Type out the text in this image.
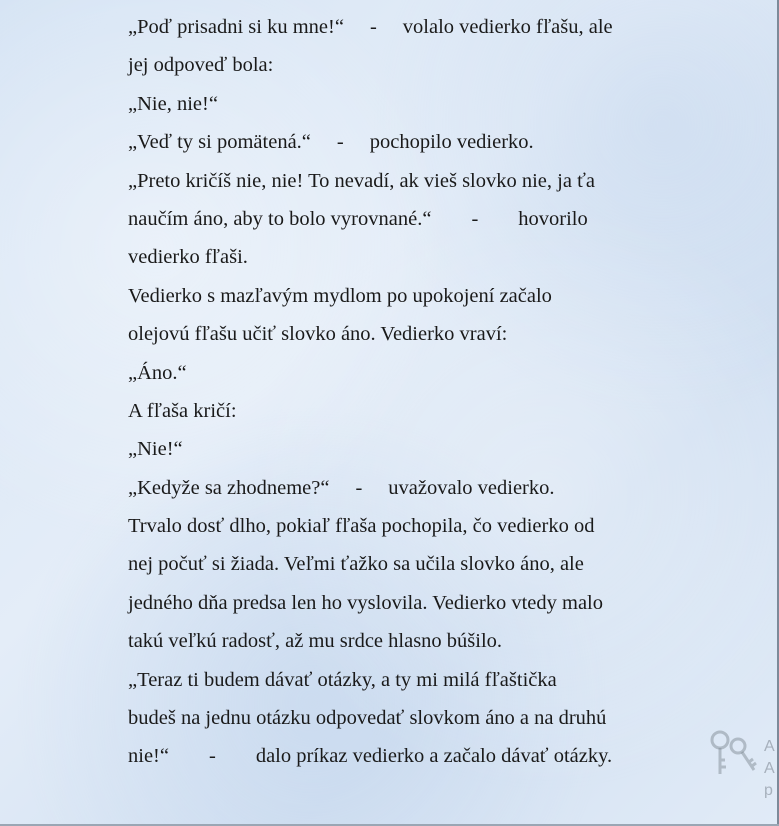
„Poď prisadni si ku mne!“ - volalo vedierko fľašu, ale
jej odpoveď bola:
„Nie, nie!“
„Veď ty si pomätená.“ - pochopilo vedierko.
„Preto kričíš nie, nie! To nevadí, ak vieš slovko nie, ja ťa
naučím áno, aby to bolo vyrovnané.“ - hovorilo
vedierko fľaši.
Vedierko s mazľavým mydlom po upokojení začalo
olejovú fľašu učiť slovko áno. Vedierko vraví:
„Áno.“
A fľaša kričí:
„Nie!“
„Kedyže sa zhodneme?“ - uvažovalo vedierko.
Trvalo dosť dlho, pokiaľ fľaša pochopila, čo vedierko od
nej počuť si žiada. Veľmi ťažko sa učila slovko áno, ale
jedného dňa predsa len ho vyslovila. Vedierko vtedy malo
takú veľkú radosť, až mu srdce hlasno búšilo.
„Teraz ti budem dávať otázky, a ty mi milá fľaštička
budeš na jednu otázku odpovedať slovkom áno a na druhú
nie!“ - dalo príkaz vedierko a začalo dávať otázky.	A
A
p
